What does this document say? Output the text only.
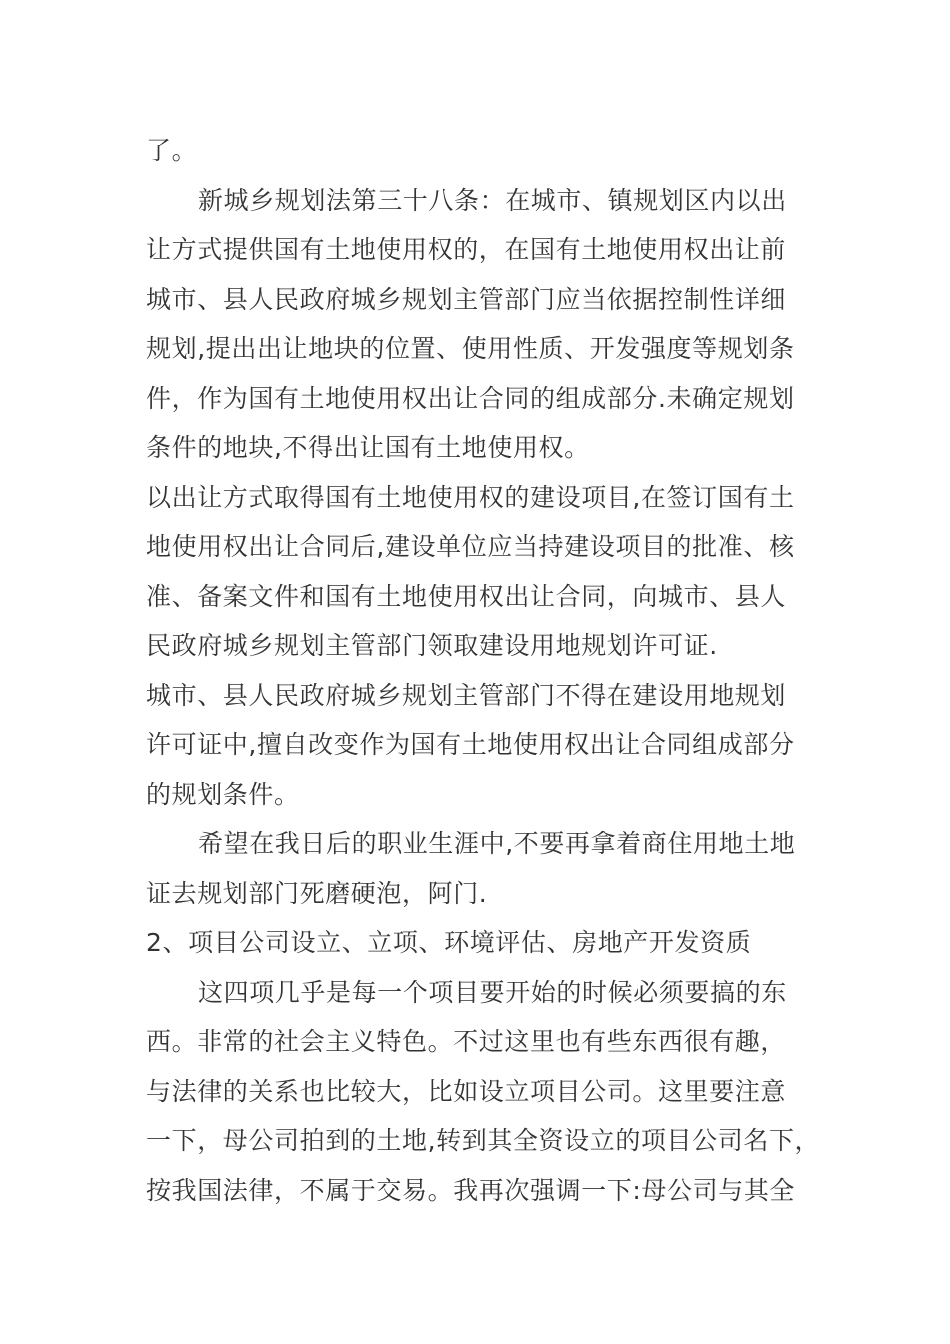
了。
新城乡规划法第三十八条：在城市、镇规划区内以出
让方式提供国有土地使用权的，在国有土地使用权出让前
城市、县人民政府城乡规划主管部门应当依据控制性详细
规划,提出出让地块的位置、使用性质、开发强度等规划条
件，作为国有土地使用权出让合同的组成部分.未确定规划
条件的地块,不得出让国有土地使用权。
以出让方式取得国有土地使用权的建设项目,在签订国有土
地使用权出让合同后,建设单位应当持建设项目的批准、核
准、备案文件和国有土地使用权出让合同，向城市、县人
民政府城乡规划主管部门领取建设用地规划许可证.
城市、县人民政府城乡规划主管部门不得在建设用地规划
许可证中,擅自改变作为国有土地使用权出让合同组成部分
的规划条件。
希望在我日后的职业生涯中,不要再拿着商住用地土地
证去规划部门死磨硬泡，阿门.
2、项目公司设立、立项、环境评估、房地产开发资质
这四项几乎是每一个项目要开始的时候必须要搞的东
西。非常的社会主义特色。不过这里也有些东西很有趣，
与法律的关系也比较大，比如设立项目公司。这里要注意
一下，母公司拍到的土地,转到其全资设立的项目公司名下，
按我国法律，不属于交易。我再次强调一下:母公司与其全
